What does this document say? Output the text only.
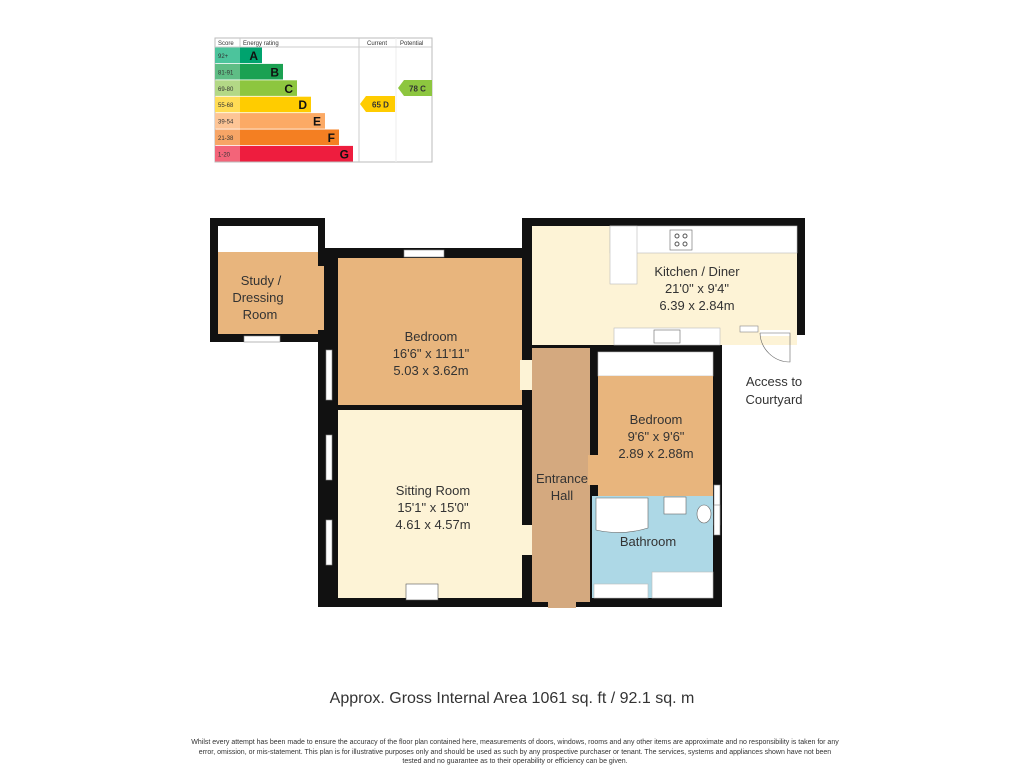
Score Energy rating	Current Potential
92+ A
81-91	B
69-80	C
55-68	D
39-54	E
21-38	F
1-20	G
65 D
78 C
Study /
Dressing
Room
Bedroom
16'6" x 11'11"
5.03 x 3.62m
Kitchen / Diner
21'0" x 9'4"
6.39 x 2.84m
Bedroom
9'6" x 9'6"
2.89 x 2.88m
Sitting Room
15'1" x 15'0"
4.61 x 4.57m
Entrance
Hall
Bathroom
Access to
Courtyard
Approx. Gross Internal Area 1061 sq. ft / 92.1 sq. m
Whilst every attempt has been made to ensure the accuracy of the floor plan contained here, measurements of doors, windows, rooms and any other items are approximate and no responsibility is taken for any error, omission, or mis-statement. This plan is for illustrative purposes only and should be used as such by any prospective purchaser or tenant. The services, systems and appliances shown have not been tested and no guarantee as to their operability or efficiency can be given.
